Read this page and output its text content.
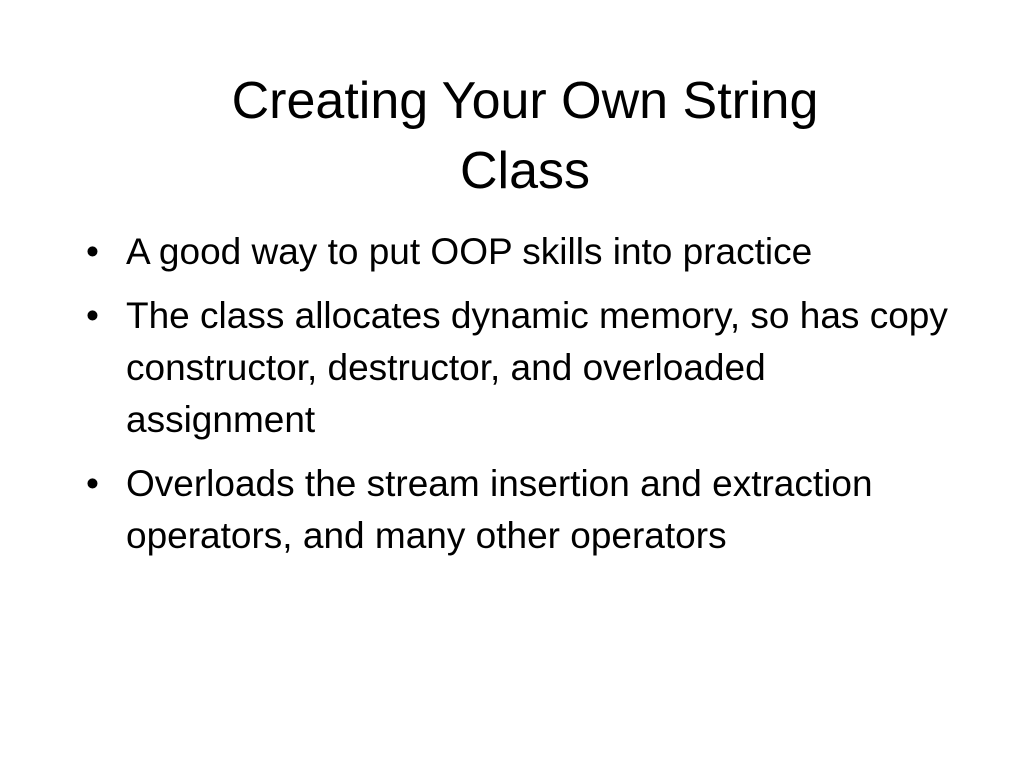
Creating Your Own String
Class
• A good way to put OOP skills into practice
• The class allocates dynamic memory, so has copy constructor, destructor, and overloaded assignment
• Overloads the stream insertion and extraction operators, and many other operators
